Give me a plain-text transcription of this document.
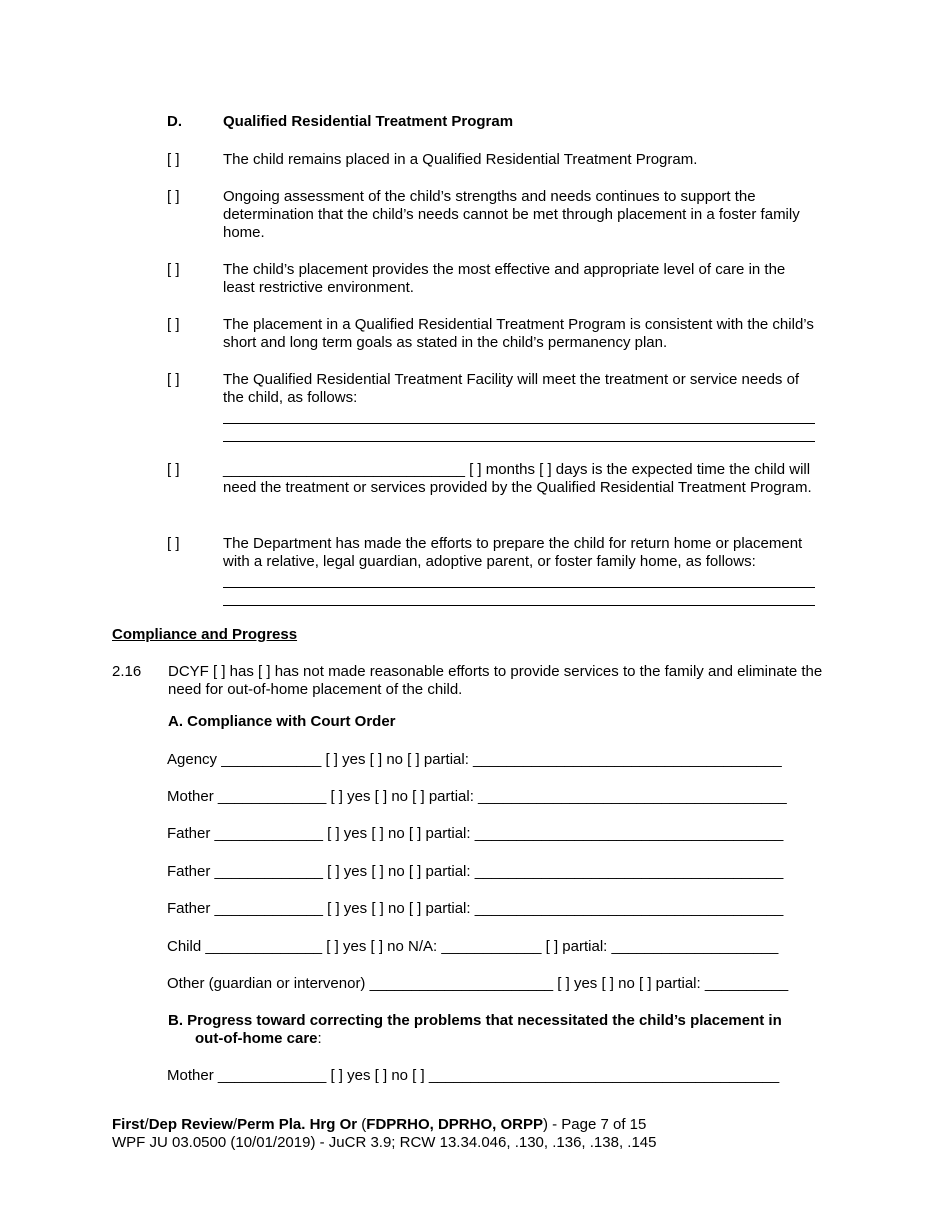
D.	Qualified Residential Treatment Program
[ ]	The child remains placed in a Qualified Residential Treatment Program.
[ ]	Ongoing assessment of the child’s strengths and needs continues to support the determination that the child’s needs cannot be met through placement in a foster family home.
[ ]	The child’s placement provides the most effective and appropriate level of care in the least restrictive environment.
[ ]	The placement in a Qualified Residential Treatment Program is consistent with the child’s short and long term goals as stated in the child’s permanency plan.
[ ]	The Qualified Residential Treatment Facility will meet the treatment or service needs of the child, as follows:
[ ]	_____________________________ [ ] months [ ] days is the expected time the child will need the treatment or services provided by the Qualified Residential Treatment Program.
[ ]	The Department has made the efforts to prepare the child for return home or placement with a relative, legal guardian, adoptive parent, or foster family home, as follows:
Compliance and Progress
2.16 DCYF [ ] has [ ] has not made reasonable efforts to provide services to the family and eliminate the need for out-of-home placement of the child.
A. Compliance with Court Order
Agency ____________ [ ] yes [ ] no [ ] partial: _____________________________________
Mother _____________ [ ] yes [ ] no [ ] partial: _____________________________________
Father _____________ [ ] yes [ ] no [ ] partial: _____________________________________
Father _____________ [ ] yes [ ] no [ ] partial: _____________________________________
Father _____________ [ ] yes [ ] no [ ] partial: _____________________________________
Child ______________ [ ] yes [ ] no N/A: ____________ [ ] partial: ____________________
Other (guardian or intervenor) ______________________ [ ] yes [ ] no [ ] partial: __________
B. Progress toward correcting the problems that necessitated the child’s placement in
out-of-home care:
Mother _____________ [ ] yes [ ] no [ ] __________________________________________
First/Dep Review/Perm Pla. Hrg Or (FDPRHO, DPRHO, ORPP) - Page 7 of 15
WPF JU 03.0500 (10/01/2019) - JuCR 3.9; RCW 13.34.046, .130, .136, .138, .145
